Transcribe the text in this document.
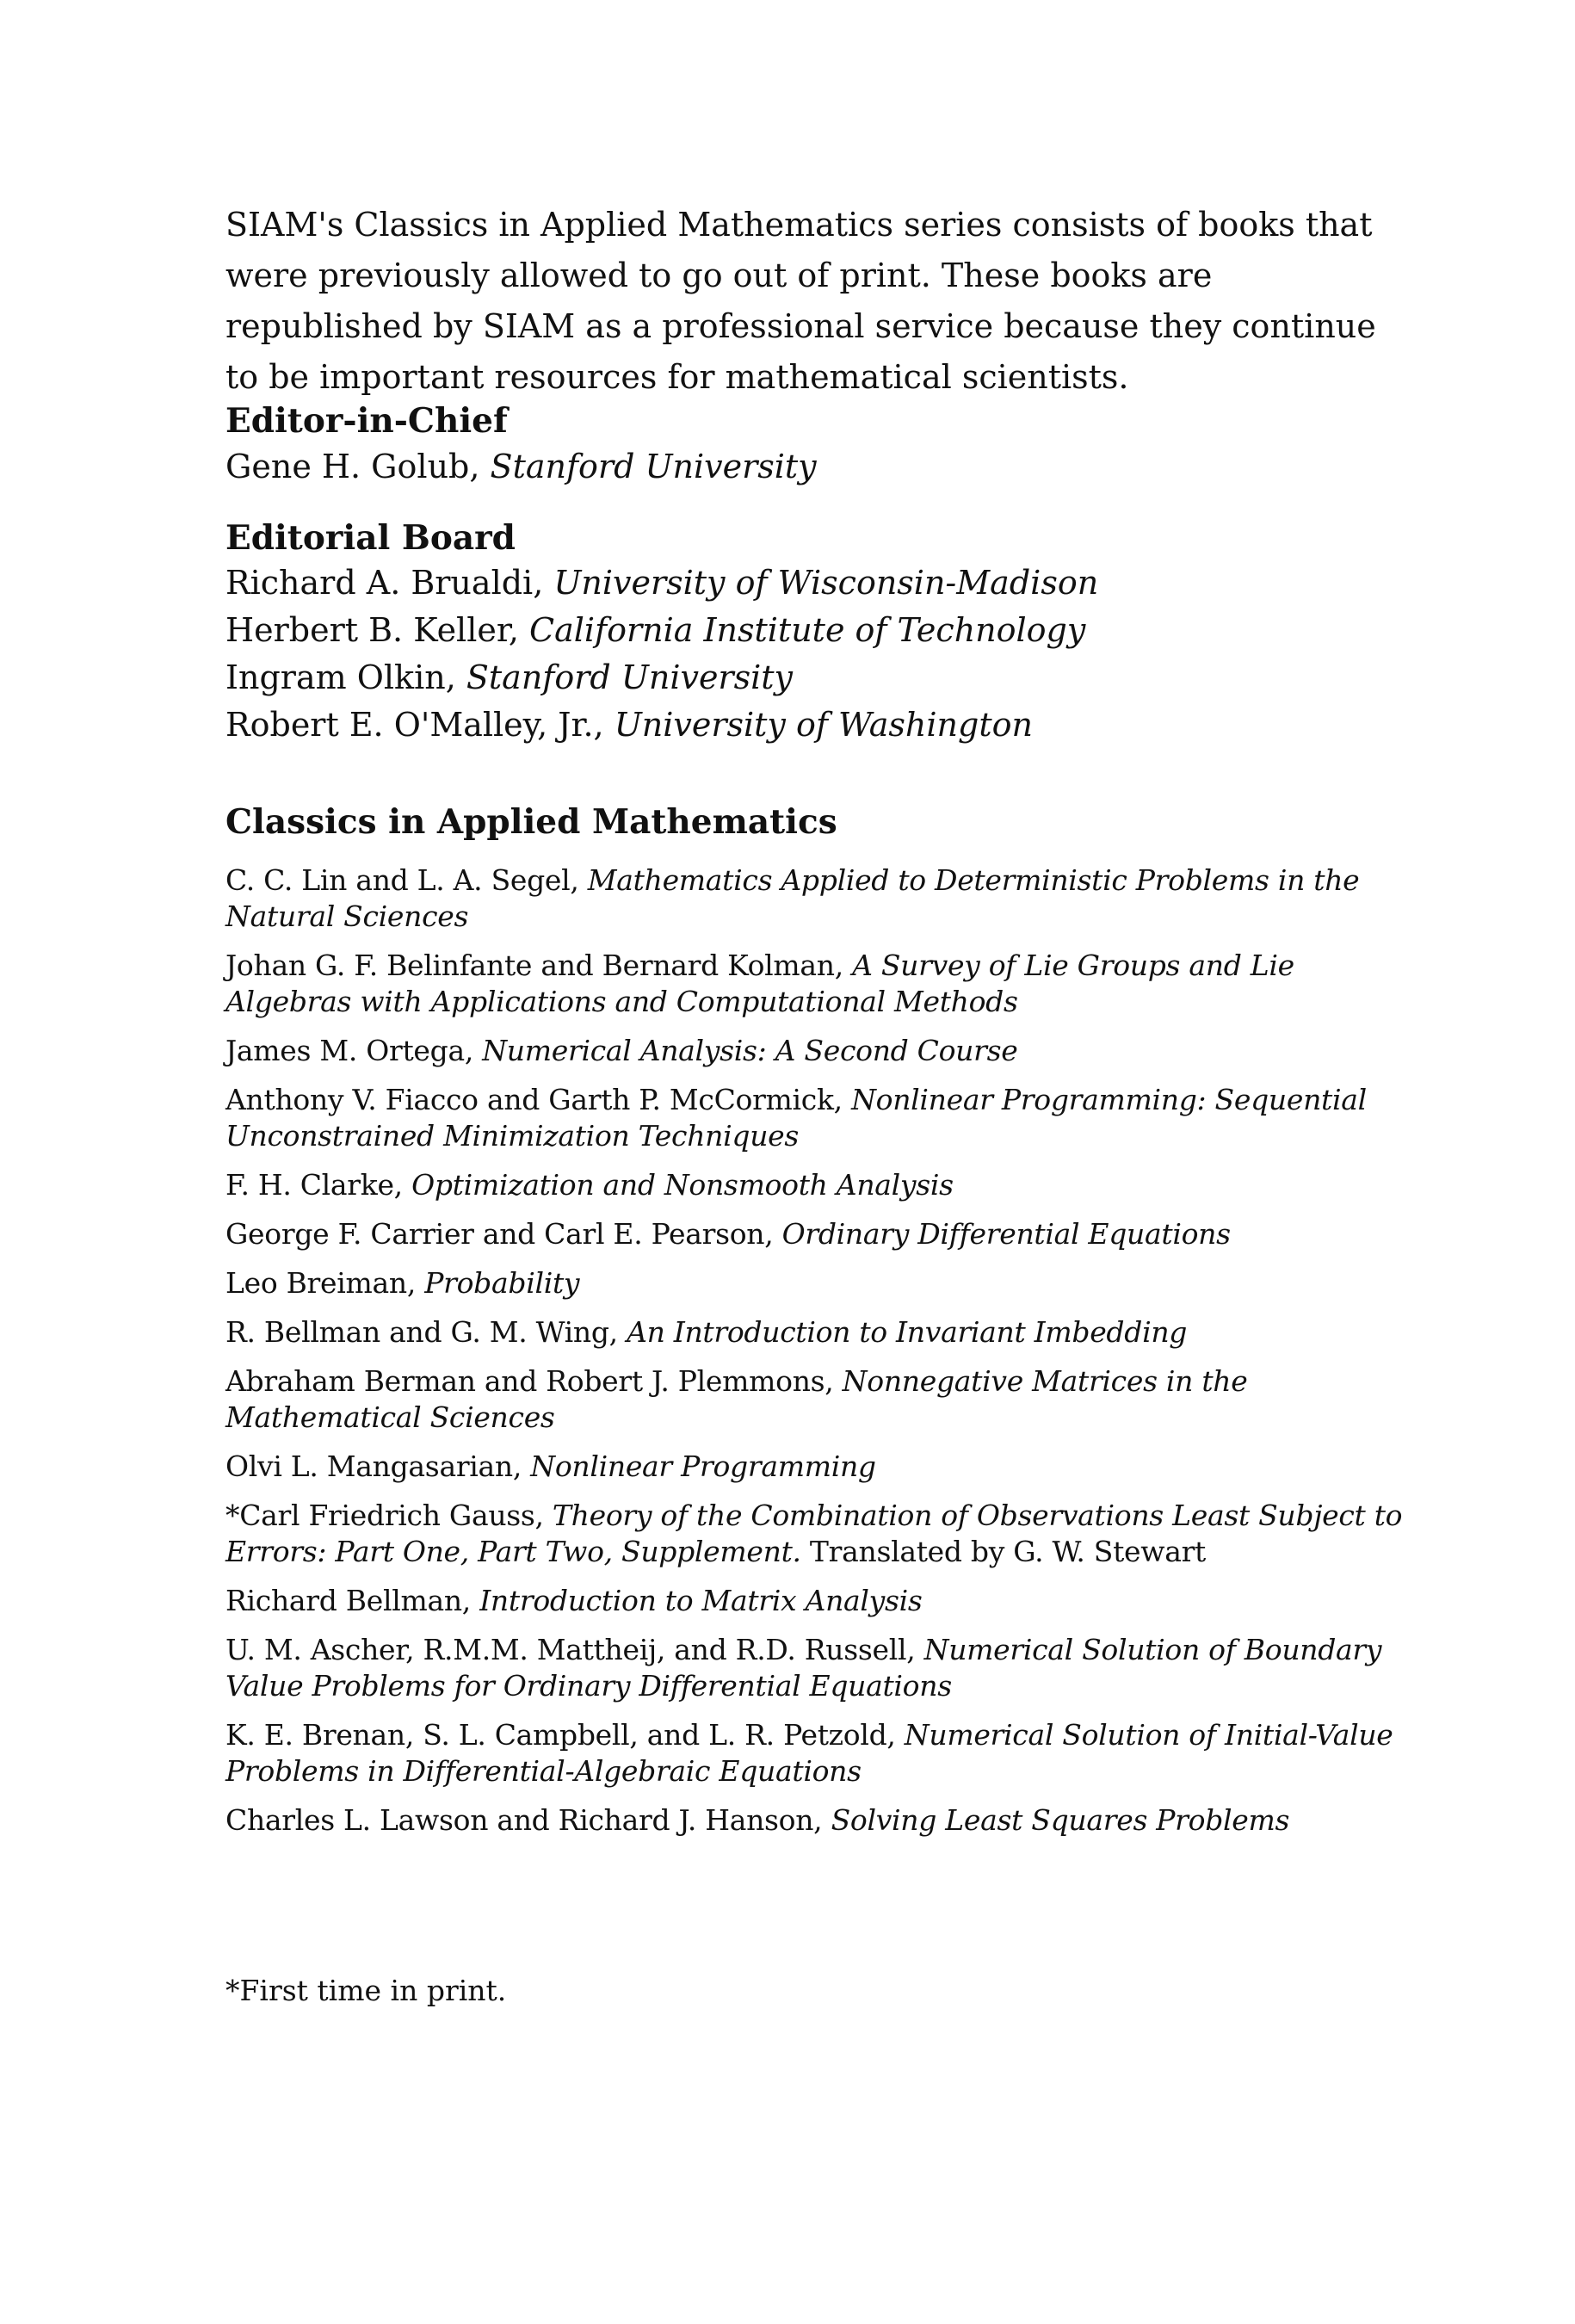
SIAM's Classics in Applied Mathematics series consists of books that were previously allowed to go out of print. These books are republished by SIAM as a professional service because they continue to be important resources for mathematical scientists.

Editor-in-Chief

Gene H. Golub, Stanford University

Editorial Board

Richard A. Brualdi, University of Wisconsin-Madison

Herbert B. Keller, California Institute of Technology

Ingram Olkin, Stanford University

Robert E. O'Malley, Jr., University of Washington

Classics in Applied Mathematics

C. C. Lin and L. A. Segel, Mathematics Applied to Deterministic Problems in the Natural Sciences
Johan G. F. Belinfante and Bernard Kolman, A Survey of Lie Groups and Lie Algebras with Applications and Computational Methods
James M. Ortega, Numerical Analysis: A Second Course
Anthony V. Fiacco and Garth P. McCormick, Nonlinear Programming: Sequential Unconstrained Minimization Techniques
F. H. Clarke, Optimization and Nonsmooth Analysis
George F. Carrier and Carl E. Pearson, Ordinary Differential Equations
Leo Breiman, Probability
R. Bellman and G. M. Wing, An Introduction to Invariant Imbedding
Abraham Berman and Robert J. Plemmons, Nonnegative Matrices in the Mathematical Sciences
Olvi L. Mangasarian, Nonlinear Programming
*Carl Friedrich Gauss, Theory of the Combination of Observations Least Subject to Errors: Part One, Part Two, Supplement. Translated by G. W. Stewart
Richard Bellman, Introduction to Matrix Analysis
U. M. Ascher, R.M.M. Mattheij, and R.D. Russell, Numerical Solution of Boundary Value Problems for Ordinary Differential Equations
K. E. Brenan, S. L. Campbell, and L. R. Petzold, Numerical Solution of Initial-Value Problems in Differential-Algebraic Equations
Charles L. Lawson and Richard J. Hanson, Solving Least Squares Problems

*First time in print.
